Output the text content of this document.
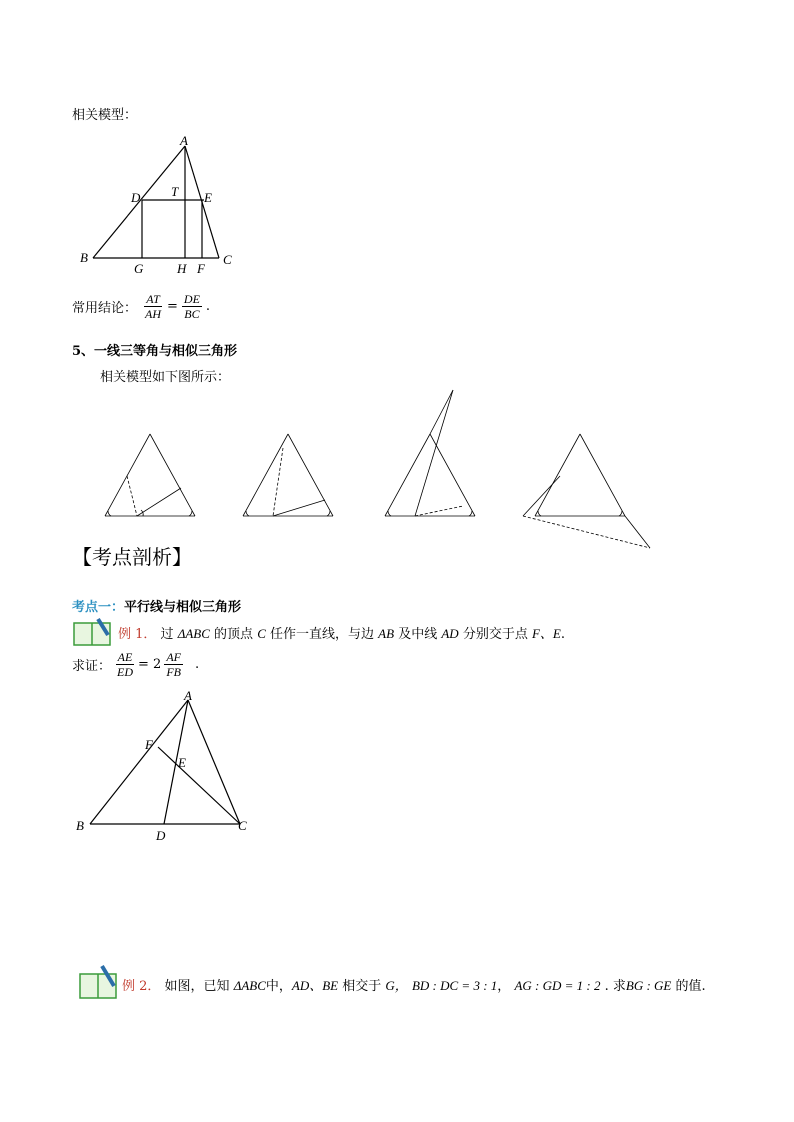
相关模型：
A
D T E
B
G	H F
C
常用结论： $\frac{AT}{AH} = \frac{DE}{BC}$ .
5、一线三等角与相似三角形
相关模型如下图所示：
【考点剖析】
考点一：平行线与相似三角形
例 1． 过 ΔABC 的顶点 C 任作一直线，与边 AB 及中线 AD 分别交于点 F、E.
求证： $\frac{AE}{ED} = 2 \frac{AF}{FB}$ .
A
F
E
B
D
C
例 2． 如图，已知 ΔABC中，AD、BE 相交于 G， BD : DC = 3 : 1， AG : GD = 1 : 2 . 求BG : GE 的值.
